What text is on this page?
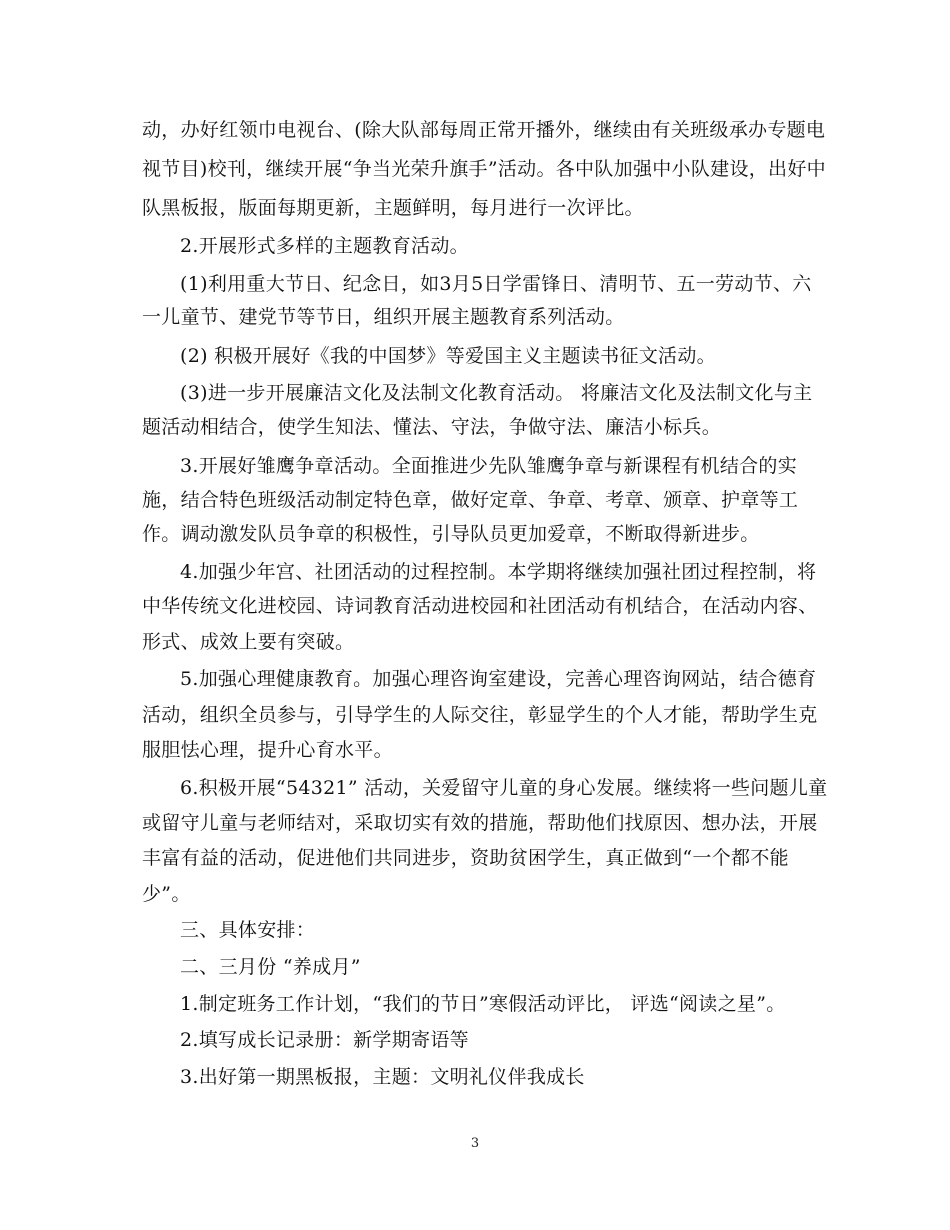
动，办好红领巾电视台、(除大队部每周正常开播外，继续由有关班级承办专题电
视节目)校刊，继续开展“争当光荣升旗手”活动。各中队加强中小队建设，出好中
队黑板报，版面每期更新，主题鲜明，每月进行一次评比。
2.开展形式多样的主题教育活动。
(1)利用重大节日、纪念日，如3月5日学雷锋日、清明节、五一劳动节、六
一儿童节、建党节等节日，组织开展主题教育系列活动。
(2) 积极开展好《我的中国梦》等爱国主义主题读书征文活动。
(3)进一步开展廉洁文化及法制文化教育活动。 将廉洁文化及法制文化与主
题活动相结合，使学生知法、懂法、守法，争做守法、廉洁小标兵。
3.开展好雏鹰争章活动。全面推进少先队雏鹰争章与新课程有机结合的实
施，结合特色班级活动制定特色章，做好定章、争章、考章、颁章、护章等工
作。调动激发队员争章的积极性，引导队员更加爱章，不断取得新进步。
4.加强少年宫、社团活动的过程控制。本学期将继续加强社团过程控制，将
中华传统文化进校园、诗词教育活动进校园和社团活动有机结合，在活动内容、
形式、成效上要有突破。
5.加强心理健康教育。加强心理咨询室建设，完善心理咨询网站，结合德育
活动，组织全员参与，引导学生的人际交往，彰显学生的个人才能，帮助学生克
服胆怯心理，提升心育水平。
6.积极开展“54321” 活动，关爱留守儿童的身心发展。继续将一些问题儿童
或留守儿童与老师结对，采取切实有效的措施，帮助他们找原因、想办法，开展
丰富有益的活动，促进他们共同进步，资助贫困学生，真正做到“一个都不能
少”。
三、具体安排：
二、三月份 “养成月”
1.制定班务工作计划，“我们的节日”寒假活动评比， 评选“阅读之星”。
2.填写成长记录册：新学期寄语等
3.出好第一期黑板报，主题：文明礼仪伴我成长
3
